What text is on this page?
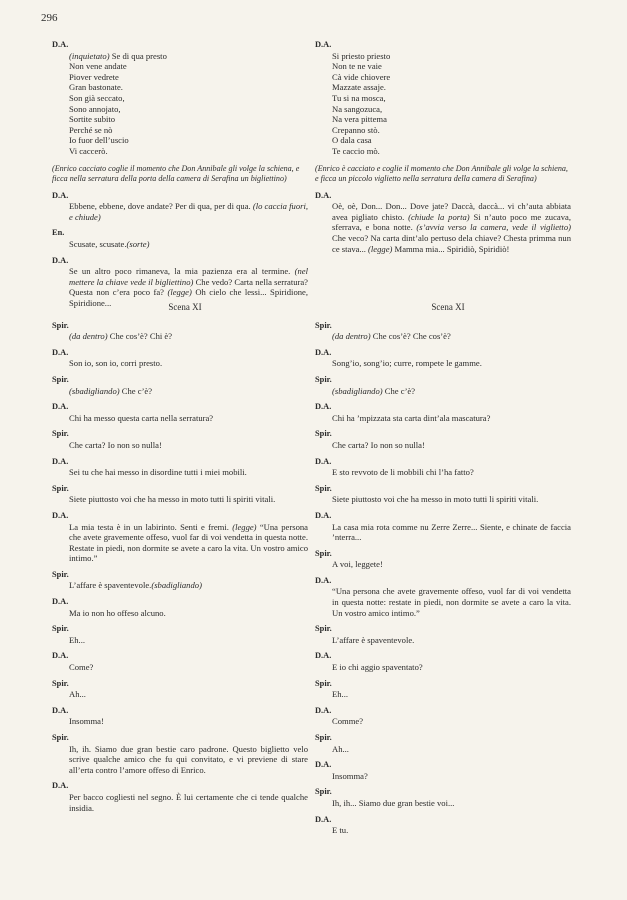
296
D.A.
(inquietato) Se di qua presto
Non vene andate
Piover vedrete
Gran bastonate.
Son già seccato,
Sono annojato,
Sortite subito
Perché se nò
Io fuor dell’uscio
Vi caccerò.
(Enrico cacciato coglie il momento che Don Annibale gli volge la schiena, e ficca nella serratura della porta della camera di Serafina un bigliettino)
D.A.
Ebbene, ebbene, dove andate? Per di qua, per di qua. (lo caccia fuori, e chiude)
En.
Scusate, scusate.(sorte)
D.A.
Se un altro poco rimaneva, la mia pazienza era al termine. (nel mettere la chiave vede il bigliettino) Che vedo? Carta nella serratura? Questa non c’era poco fa? (legge) Oh cielo che lessi... Spiridione, Spiridione...
D.A.
Si priesto priesto
Non te ne vaie
Cà vide chiovere
Mazzate assaje.
Tu si na mosca,
Na sangozuca,
Na vera pittema
Crepanno stò.
O dala casa
Te caccio mò.
(Enrico è cacciato e coglie il momento che Don Annibale gli volge la schiena, e ficca un piccolo viglietto nella serratura della camera di Serafina)
D.A.
Oè, oè, Don... Don... Dove jate? Daccà, daccà... vi ch’auta abbiata avea pigliato chisto. (chiude la porta) Si n’auto poco me zucava, sferrava, e bona notte. (s’avvia verso la camera, vede il viglietto) Che veco? Na carta dint’alo pertuso dela chiave? Chesta primma nun ce stava... (legge) Mamma mia... Spiridiò, Spiridiò!
Scena XI
Spir.
(da dentro) Che cos’è? Chi è?
D.A.
Son io, son io, corri presto.
Spir.
(sbadigliando) Che c’è?
D.A.
Chi ha messo questa carta nella serratura?
Spir.
Che carta? Io non so nulla!
D.A.
Sei tu che hai messo in disordine tutti i miei mobili.
Spir.
Siete piuttosto voi che ha messo in moto tutti li spiriti vitali.
D.A.
La mia testa è in un labirinto. Senti e fremi. (legge) “Una persona che avete gravemente offeso, vuol far di voi vendetta in questa notte. Restate in piedi, non dormite se avete a caro la vita. Un vostro amico intimo.”
Spir.
L’affare è spaventevole.(sbadigliando)
D.A.
Ma io non ho offeso alcuno.
Spir.
Eh...
D.A.
Come?
Spir.
Ah...
D.A.
Insomma!
Spir.
Ih, ih. Siamo due gran bestie caro padrone. Questo biglietto velo scrive qualche amico che fu qui convitato, e vi previene di stare all’erta contro l’amore offeso di Enrico.
D.A.
Per bacco cogliesti nel segno. È lui certamente che ci tende qualche insidia.
Scena XI
Spir.
(da dentro) Che cos’è? Che cos’è?
D.A.
Song’io, song’io; curre, rompete le gamme.
Spir.
(sbadigliando) Che c’è?
D.A.
Chi ha ’mpizzata sta carta dint’ala mascatura?
Spir.
Che carta? Io non so nulla!
D.A.
E sto revvoto de li mobbili chi l’ha fatto?
Spir.
Siete piuttosto voi che ha messo in moto tutti li spiriti vitali.
D.A.
La casa mia rota comme nu Zerre Zerre... Siente, e chinate de faccia ’nterra...
Spir.
A voi, leggete!
D.A.
“Una persona che avete gravemente offeso, vuol far di voi vendetta in questa notte: restate in piedi, non dormite se avete a caro la vita. Un vostro amico intimo.”
Spir.
L’affare è spaventevole.
D.A.
E io chi aggio spaventato?
Spir.
Eh...
D.A.
Comme?
Spir.
Ah...
D.A.
Insomma?
Spir.
Ih, ih... Siamo due gran bestie voi...
D.A.
E tu.
